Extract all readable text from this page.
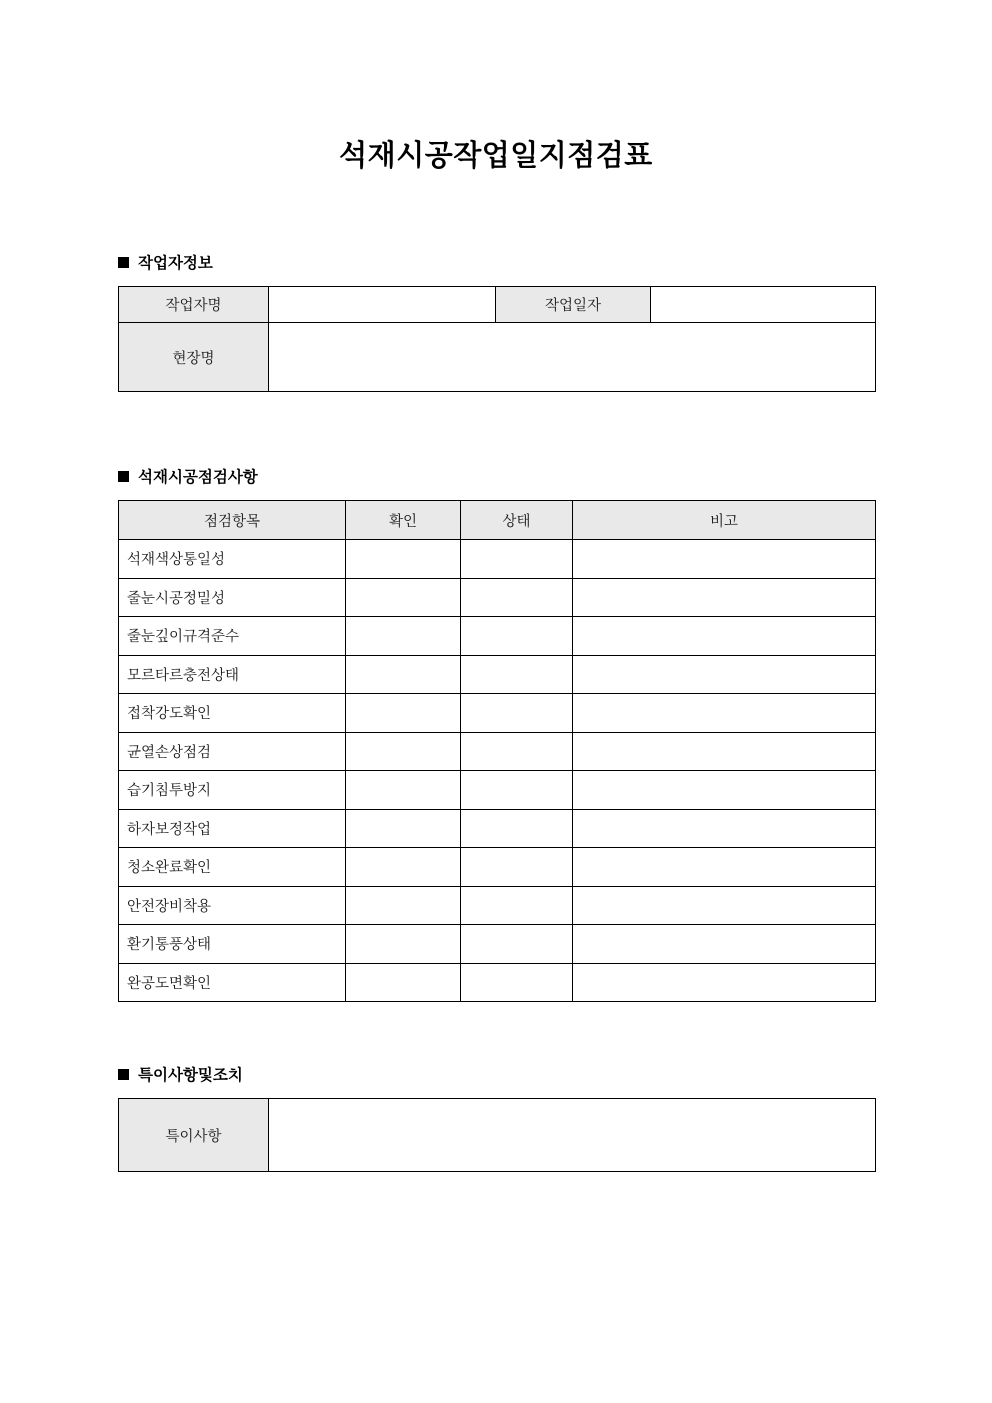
석재시공작업일지점검표
작업자정보
작업자명		작업일자	
현장명			
석재시공점검사항
점검항목	확인	상태	비고
석재색상통일성			
줄눈시공정밀성			
줄눈깊이규격준수			
모르타르충전상태			
접착강도확인			
균열손상점검			
습기침투방지			
하자보정작업			
청소완료확인			
안전장비착용			
환기통풍상태			
완공도면확인			
특이사항및조치
특이사항	
